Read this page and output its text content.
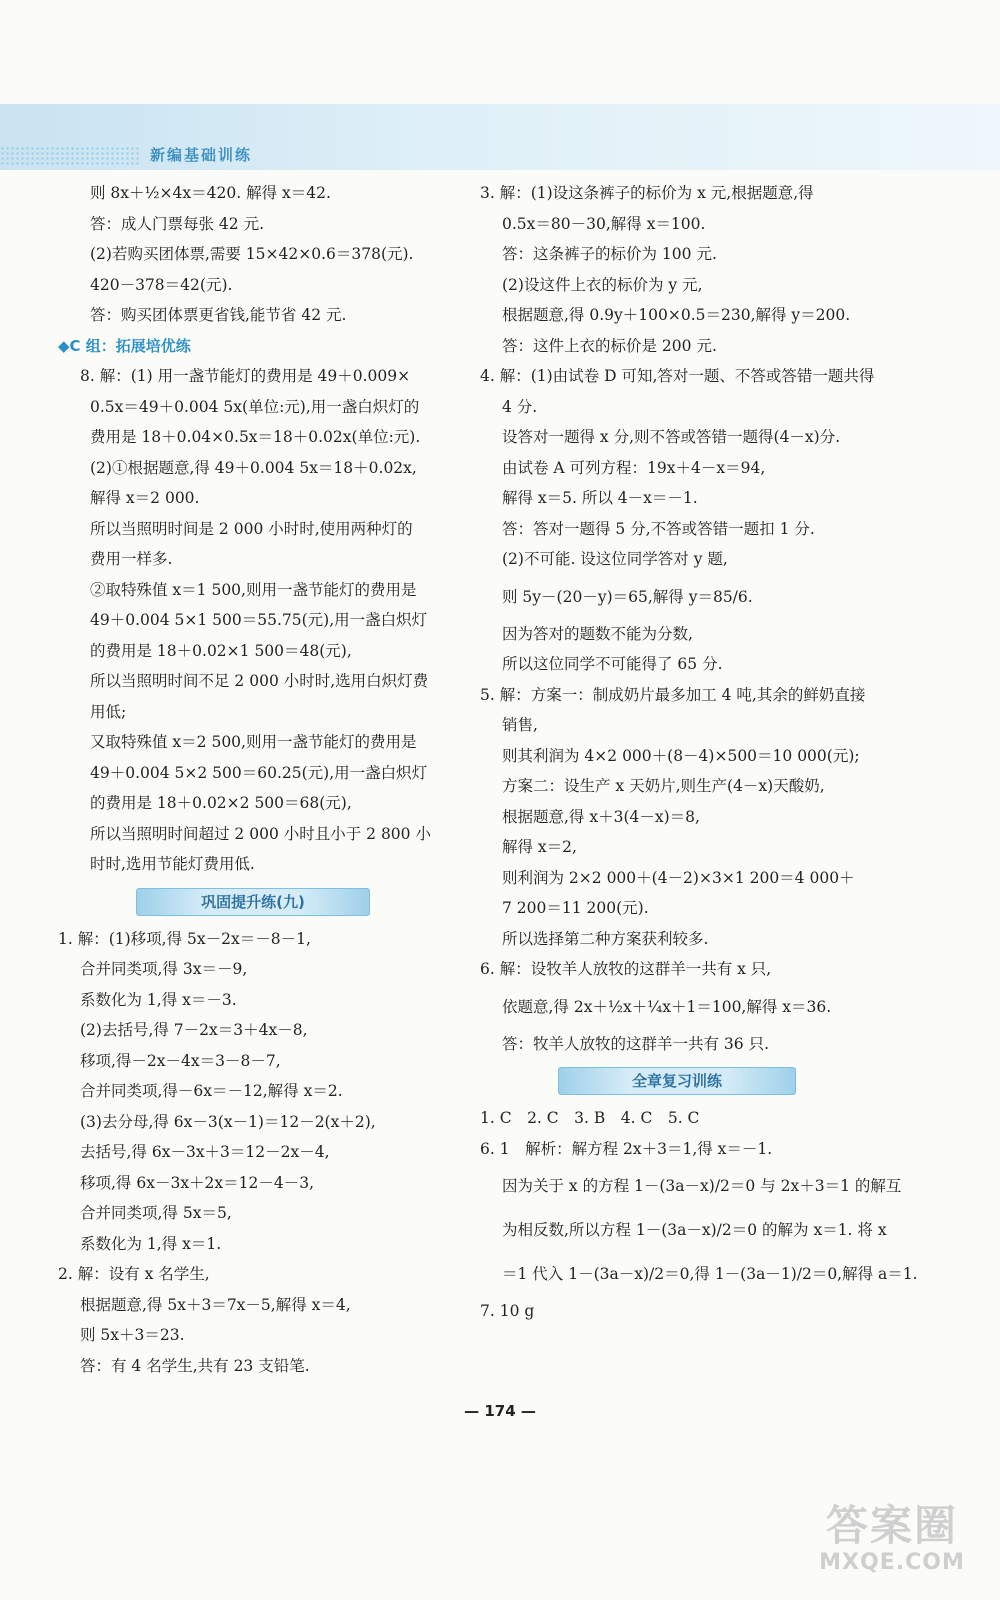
新编基础训练
则 8x＋½×4x＝420. 解得 x＝42.
答：成人门票每张 42 元.
(2)若购买团体票,需要 15×42×0.6＝378(元).
420－378＝42(元).
答：购买团体票更省钱,能节省 42 元.
◆C 组：拓展培优练
8. 解：(1) 用一盏节能灯的费用是 49＋0.009×
0.5x＝49＋0.004 5x(单位:元),用一盏白炽灯的
费用是 18＋0.04×0.5x＝18＋0.02x(单位:元).
(2)①根据题意,得 49＋0.004 5x＝18＋0.02x,
解得 x＝2 000.
所以当照明时间是 2 000 小时时,使用两种灯的
费用一样多.
②取特殊值 x＝1 500,则用一盏节能灯的费用是
49＋0.004 5×1 500＝55.75(元),用一盏白炽灯
的费用是 18＋0.02×1 500＝48(元),
所以当照明时间不足 2 000 小时时,选用白炽灯费
用低;
又取特殊值 x＝2 500,则用一盏节能灯的费用是
49＋0.004 5×2 500＝60.25(元),用一盏白炽灯
的费用是 18＋0.02×2 500＝68(元),
所以当照明时间超过 2 000 小时且小于 2 800 小
时时,选用节能灯费用低.
巩固提升练(九)
1. 解：(1)移项,得 5x－2x＝－8－1,
合并同类项,得 3x＝－9,
系数化为 1,得 x＝－3.
(2)去括号,得 7－2x＝3＋4x－8,
移项,得－2x－4x＝3－8－7,
合并同类项,得－6x＝－12,解得 x＝2.
(3)去分母,得 6x－3(x－1)＝12－2(x＋2),
去括号,得 6x－3x＋3＝12－2x－4,
移项,得 6x－3x＋2x＝12－4－3,
合并同类项,得 5x＝5,
系数化为 1,得 x＝1.
2. 解：设有 x 名学生,
根据题意,得 5x＋3＝7x－5,解得 x＝4,
则 5x＋3＝23.
答：有 4 名学生,共有 23 支铅笔.
3. 解：(1)设这条裤子的标价为 x 元,根据题意,得
0.5x＝80－30,解得 x＝100.
答：这条裤子的标价为 100 元.
(2)设这件上衣的标价为 y 元,
根据题意,得 0.9y＋100×0.5＝230,解得 y＝200.
答：这件上衣的标价是 200 元.
4. 解：(1)由试卷 D 可知,答对一题、不答或答错一题共得
4 分.
设答对一题得 x 分,则不答或答错一题得(4－x)分.
由试卷 A 可列方程：19x＋4－x＝94,
解得 x＝5. 所以 4－x＝－1.
答：答对一题得 5 分,不答或答错一题扣 1 分.
(2)不可能. 设这位同学答对 y 题,
则 5y－(20－y)＝65,解得 y＝85/6.
因为答对的题数不能为分数,
所以这位同学不可能得了 65 分.
5. 解：方案一：制成奶片最多加工 4 吨,其余的鲜奶直接
销售,
则其利润为 4×2 000＋(8－4)×500＝10 000(元);
方案二：设生产 x 天奶片,则生产(4－x)天酸奶,
根据题意,得 x＋3(4－x)＝8,
解得 x＝2,
则利润为 2×2 000＋(4－2)×3×1 200＝4 000＋
7 200＝11 200(元).
所以选择第二种方案获利较多.
6. 解：设牧羊人放牧的这群羊一共有 x 只,
依题意,得 2x＋½x＋¼x＋1＝100,解得 x＝36.
答：牧羊人放牧的这群羊一共有 36 只.
全章复习训练
1. C　2. C　3. B　4. C　5. C
6. 1　解析：解方程 2x＋3＝1,得 x＝－1.
因为关于 x 的方程 1－(3a－x)/2＝0 与 2x＋3＝1 的解互
为相反数,所以方程 1－(3a－x)/2＝0 的解为 x＝1. 将 x
＝1 代入 1－(3a－x)/2＝0,得 1－(3a－1)/2＝0,解得 a＝1.
7. 10 g
— 174 —
答案圈
MXQE.COM
